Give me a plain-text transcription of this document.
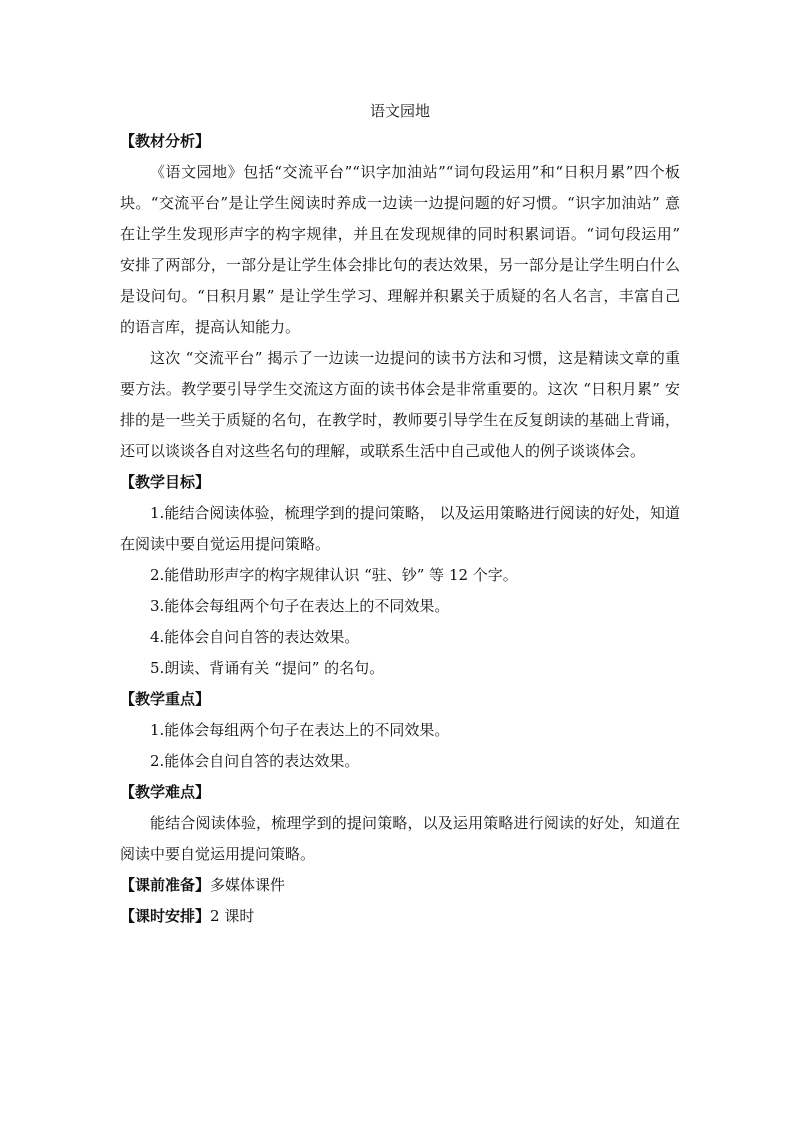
语文园地

【教材分析】

《语文园地》包括“交流平台”“识字加油站”“词句段运用”和“日积月累”四个板块。“交流平台”是让学生阅读时养成一边读一边提问题的好习惯。“识字加油站” 意在让学生发现形声字的构字规律，并且在发现规律的同时积累词语。“词句段运用” 安排了两部分，一部分是让学生体会排比句的表达效果，另一部分是让学生明白什么是设问句。“日积月累” 是让学生学习、理解并积累关于质疑的名人名言，丰富自己的语言库，提高认知能力。

这次 “交流平台” 揭示了一边读一边提问的读书方法和习惯，这是精读文章的重要方法。教学要引导学生交流这方面的读书体会是非常重要的。这次 “日积月累” 安排的是一些关于质疑的名句，在教学时，教师要引导学生在反复朗读的基础上背诵，还可以谈谈各自对这些名句的理解，或联系生活中自己或他人的例子谈谈体会。

【教学目标】

1.能结合阅读体验，梳理学到的提问策略， 以及运用策略进行阅读的好处，知道在阅读中要自觉运用提问策略。

2.能借助形声字的构字规律认识 “驻、钞” 等 12 个字。

3.能体会每组两个句子在表达上的不同效果。

4.能体会自问自答的表达效果。

5.朗读、背诵有关 “提问” 的名句。

【教学重点】

1.能体会每组两个句子在表达上的不同效果。

2.能体会自问自答的表达效果。

【教学难点】

能结合阅读体验，梳理学到的提问策略，以及运用策略进行阅读的好处，知道在阅读中要自觉运用提问策略。

【课前准备】多媒体课件

【课时安排】2 课时
